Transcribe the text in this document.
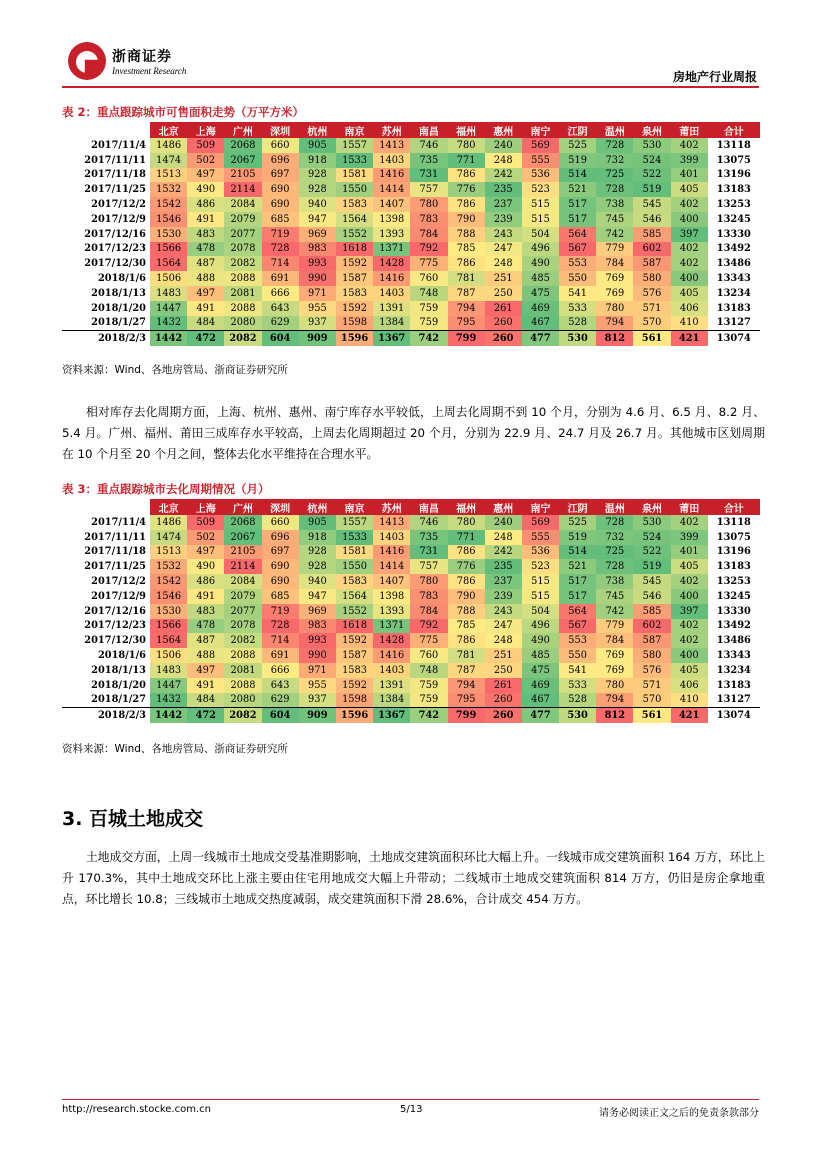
浙商证券
Investment Research	房地产行业周报
表 2：重点跟踪城市可售面积走势（万平方米）
	北京	上海	广州	深圳	杭州	南京	苏州	南昌	福州	惠州	南宁	江阴	温州	泉州	莆田	合计
2017/11/4	1486	509	2068	660	905	1557	1413	746	780	240	569	525	728	530	402	13118
2017/11/11	1474	502	2067	696	918	1533	1403	735	771	248	555	519	732	524	399	13075
2017/11/18	1513	497	2105	697	928	1581	1416	731	786	242	536	514	725	522	401	13196
2017/11/25	1532	490	2114	690	928	1550	1414	757	776	235	523	521	728	519	405	13183
2017/12/2	1542	486	2084	690	940	1583	1407	780	786	237	515	517	738	545	402	13253
2017/12/9	1546	491	2079	685	947	1564	1398	783	790	239	515	517	745	546	400	13245
2017/12/16	1530	483	2077	719	969	1552	1393	784	788	243	504	564	742	585	397	13330
2017/12/23	1566	478	2078	728	983	1618	1371	792	785	247	496	567	779	602	402	13492
2017/12/30	1564	487	2082	714	993	1592	1428	775	786	248	490	553	784	587	402	13486
2018/1/6	1506	488	2088	691	990	1587	1416	760	781	251	485	550	769	580	400	13343
2018/1/13	1483	497	2081	666	971	1583	1403	748	787	250	475	541	769	576	405	13234
2018/1/20	1447	491	2088	643	955	1592	1391	759	794	261	469	533	780	571	406	13183
2018/1/27	1432	484	2080	629	937	1598	1384	759	795	260	467	528	794	570	410	13127
2018/2/3	1442	472	2082	604	909	1596	1367	742	799	260	477	530	812	561	421	13074
资料来源：Wind、各地房管局、浙商证券研究所
相对库存去化周期方面，上海、杭州、惠州、南宁库存水平较低，上周去化周期不到 10 个月，分别为 4.6 月、6.5 月、8.2 月、5.4 月。广州、福州、莆田三成库存水平较高，上周去化周期超过 20 个月，分别为 22.9 月、24.7 月及 26.7 月。其他城市区划周期在 10 个月至 20 个月之间，整体去化水平维持在合理水平。
表 3：重点跟踪城市去化周期情况（月）
	北京	上海	广州	深圳	杭州	南京	苏州	南昌	福州	惠州	南宁	江阴	温州	泉州	莆田	合计
2017/11/4	1486	509	2068	660	905	1557	1413	746	780	240	569	525	728	530	402	13118
2017/11/11	1474	502	2067	696	918	1533	1403	735	771	248	555	519	732	524	399	13075
2017/11/18	1513	497	2105	697	928	1581	1416	731	786	242	536	514	725	522	401	13196
2017/11/25	1532	490	2114	690	928	1550	1414	757	776	235	523	521	728	519	405	13183
2017/12/2	1542	486	2084	690	940	1583	1407	780	786	237	515	517	738	545	402	13253
2017/12/9	1546	491	2079	685	947	1564	1398	783	790	239	515	517	745	546	400	13245
2017/12/16	1530	483	2077	719	969	1552	1393	784	788	243	504	564	742	585	397	13330
2017/12/23	1566	478	2078	728	983	1618	1371	792	785	247	496	567	779	602	402	13492
2017/12/30	1564	487	2082	714	993	1592	1428	775	786	248	490	553	784	587	402	13486
2018/1/6	1506	488	2088	691	990	1587	1416	760	781	251	485	550	769	580	400	13343
2018/1/13	1483	497	2081	666	971	1583	1403	748	787	250	475	541	769	576	405	13234
2018/1/20	1447	491	2088	643	955	1592	1391	759	794	261	469	533	780	571	406	13183
2018/1/27	1432	484	2080	629	937	1598	1384	759	795	260	467	528	794	570	410	13127
2018/2/3	1442	472	2082	604	909	1596	1367	742	799	260	477	530	812	561	421	13074
资料来源：Wind、各地房管局、浙商证券研究所
3. 百城土地成交
土地成交方面，上周一线城市土地成交受基准期影响，土地成交建筑面积环比大幅上升。一线城市成交建筑面积 164 万方，环比上升 170.3%，其中土地成交环比上涨主要由住宅用地成交大幅上升带动；二线城市土地成交建筑面积 814 万方，仍旧是房企拿地重点，环比增长 10.8；三线城市土地成交热度减弱，成交建筑面积下滑 28.6%，合计成交 454 万方。
http://research.stocke.com.cn	5/13	请务必阅读正文之后的免责条款部分
